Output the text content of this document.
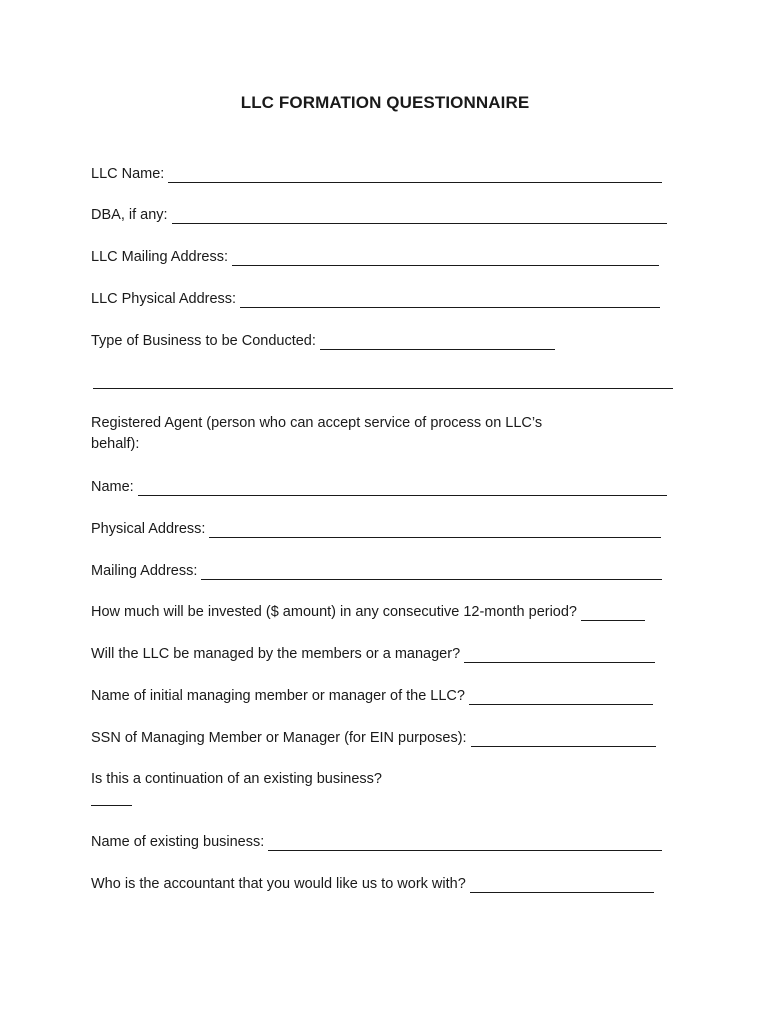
LLC FORMATION QUESTIONNAIRE
LLC Name:
DBA, if any:
LLC Mailing Address:
LLC Physical Address:
Type of Business to be Conducted:
Registered Agent (person who can accept service of process on LLC’s behalf):
Name:
Physical Address:
Mailing Address:
How much will be invested ($ amount) in any consecutive 12-month period?
Will the LLC be managed by the members or a manager?
Name of initial managing member or manager of the LLC?
SSN of Managing Member or Manager (for EIN purposes):
Is this a continuation of an existing business?
Name of existing business:
Who is the accountant that you would like us to work with?
